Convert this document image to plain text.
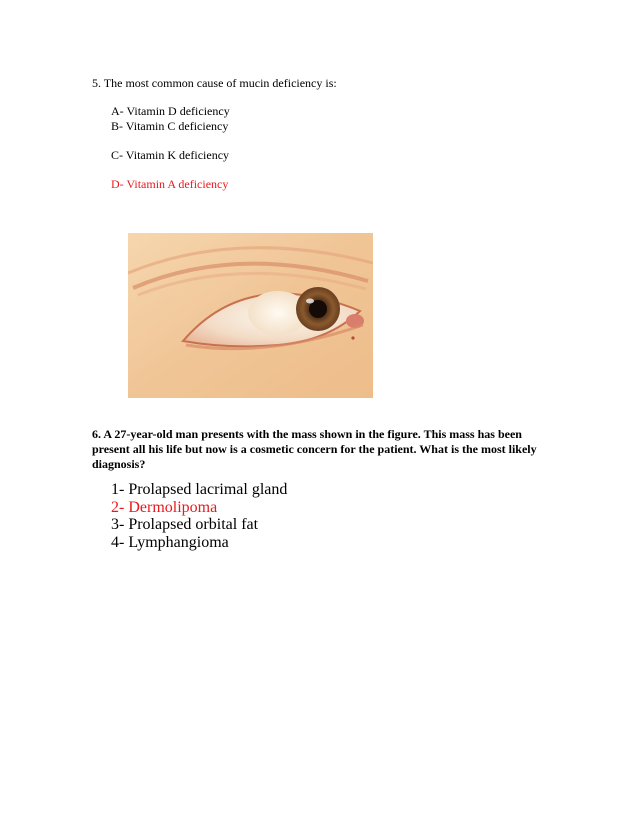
5. The most common cause of mucin deficiency is:
A- Vitamin D deficiency
B- Vitamin C deficiency
C- Vitamin K deficiency
D- Vitamin A deficiency
6. A 27-year-old man presents with the mass shown in the figure. This mass has been present all his life but now is a cosmetic concern for the patient. What is the most likely diagnosis?
1- Prolapsed lacrimal gland
2- Dermolipoma
3- Prolapsed orbital fat
4- Lymphangioma
